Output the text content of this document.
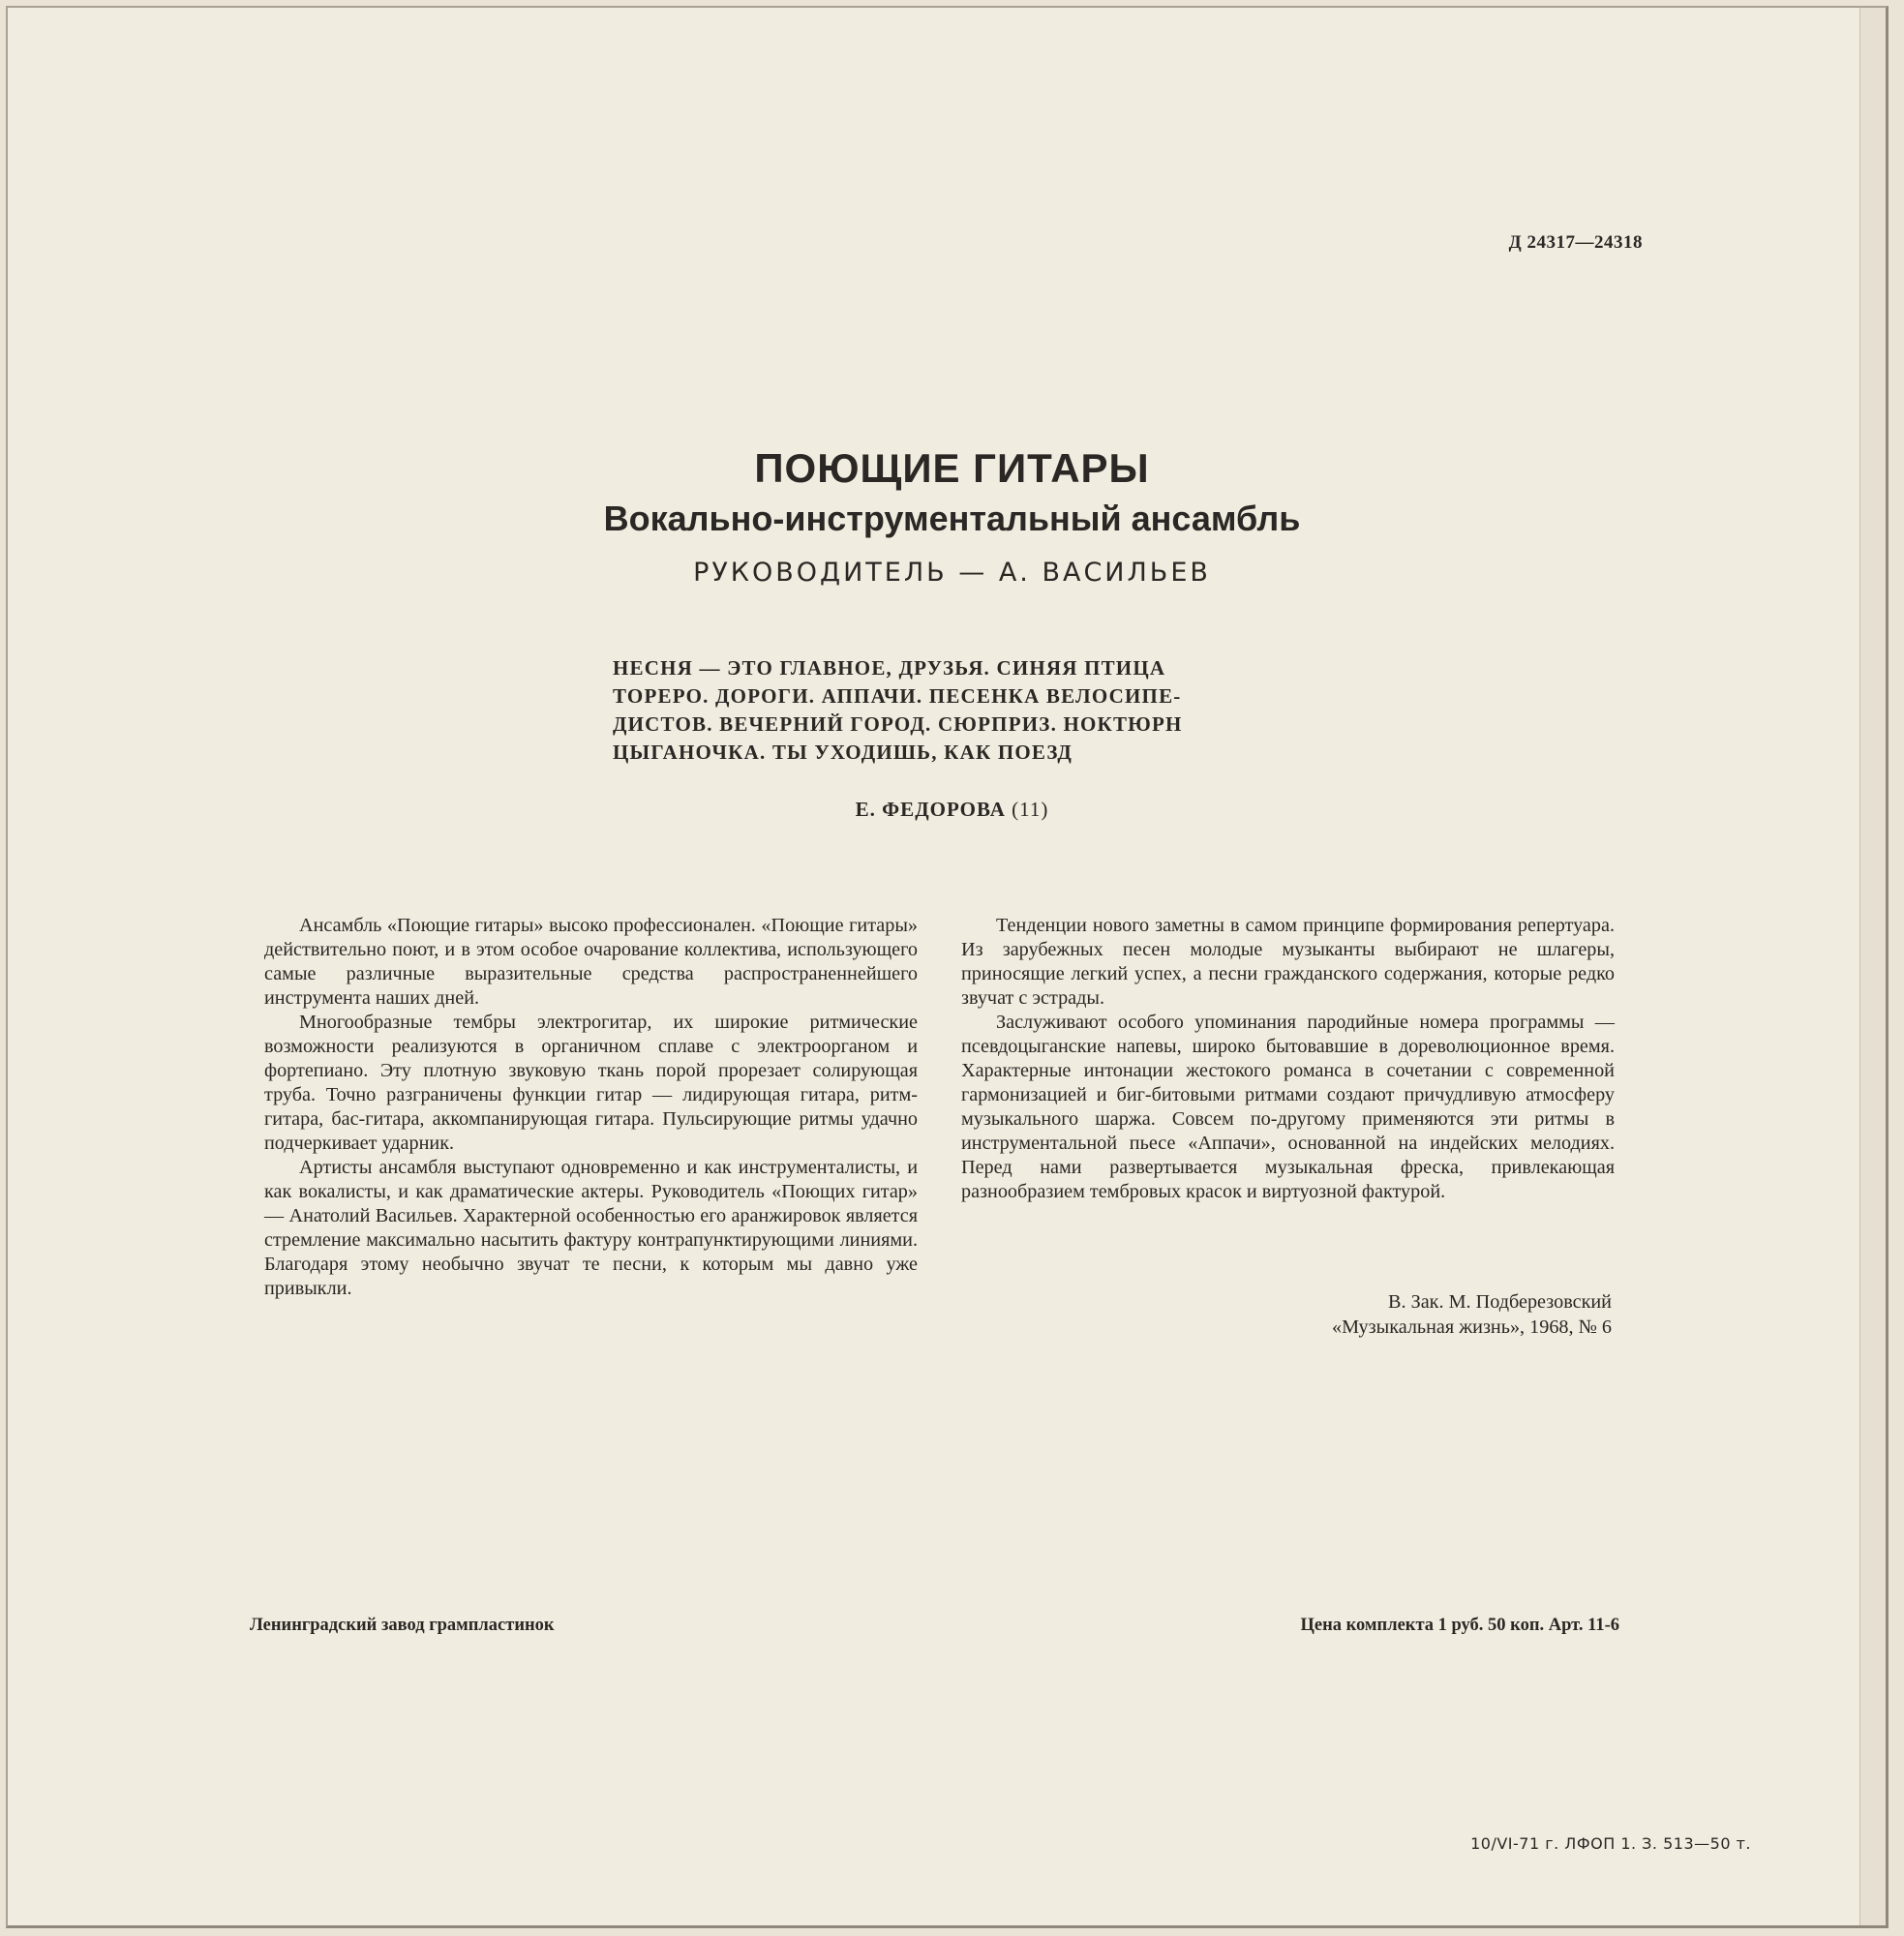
Д 24317—24318
ПОЮЩИЕ ГИТАРЫ
Вокально-инструментальный ансамбль
РУКОВОДИТЕЛЬ — А. ВАСИЛЬЕВ
НЕСНЯ — ЭТО ГЛАВНОЕ, ДРУЗЬЯ. СИНЯЯ ПТИЦА
ТОРЕРО. ДОРОГИ. АППАЧИ. ПЕСЕНКА ВЕЛОСИПЕ-
ДИСТОВ. ВЕЧЕРНИЙ ГОРОД. СЮРПРИЗ. НОКТЮРН
ЦЫГАНОЧКА. ТЫ УХОДИШЬ, КАК ПОЕЗД
Е. ФЕДОРОВА (11)

Ансамбль «Поющие гитары» высоко профессионален. «Поющие гитары» действительно поют, и в этом особое очарование коллектива, использующего самые различные выразительные средства распространеннейшего инструмента наших дней.

Многообразные тембры электрогитар, их широкие ритмические возможности реализуются в органичном сплаве с электроорганом и фортепиано. Эту плотную звуковую ткань порой прорезает солирующая труба. Точно разграничены функции гитар — лидирующая гитара, ритм-гитара, бас-гитара, аккомпанирующая гитара. Пульсирующие ритмы удачно подчеркивает ударник.

Артисты ансамбля выступают одновременно и как инструменталисты, и как вокалисты, и как драматические актеры. Руководитель «Поющих гитар» — Анатолий Васильев. Характерной особенностью его аранжировок является стремление максимально насытить фактуру контрапунктирующими линиями. Благодаря этому необычно звучат те песни, к которым мы давно уже привыкли.

Тенденции нового заметны в самом принципе формирования репертуара. Из зарубежных песен молодые музыканты выбирают не шлагеры, приносящие легкий успех, а песни гражданского содержания, которые редко звучат с эстрады.

Заслуживают особого упоминания пародийные номера программы — псевдоцыганские напевы, широко бытовавшие в дореволюционное время. Характерные интонации жестокого романса в сочетании с современной гармонизацией и биг-битовыми ритмами создают причудливую атмосферу музыкального шаржа. Совсем по-другому применяются эти ритмы в инструментальной пьесе «Аппачи», основанной на индейских мелодиях. Перед нами развертывается музыкальная фреска, привлекающая разнообразием тембровых красок и виртуозной фактурой.

В. Зак. М. Подберезовский
«Музыкальная жизнь», 1968, № 6
Ленинградский завод грампластинок	Цена комплекта 1 руб. 50 коп. Арт. 11-6
10/VI-71 г. ЛФОП 1. З. 513—50 т.
